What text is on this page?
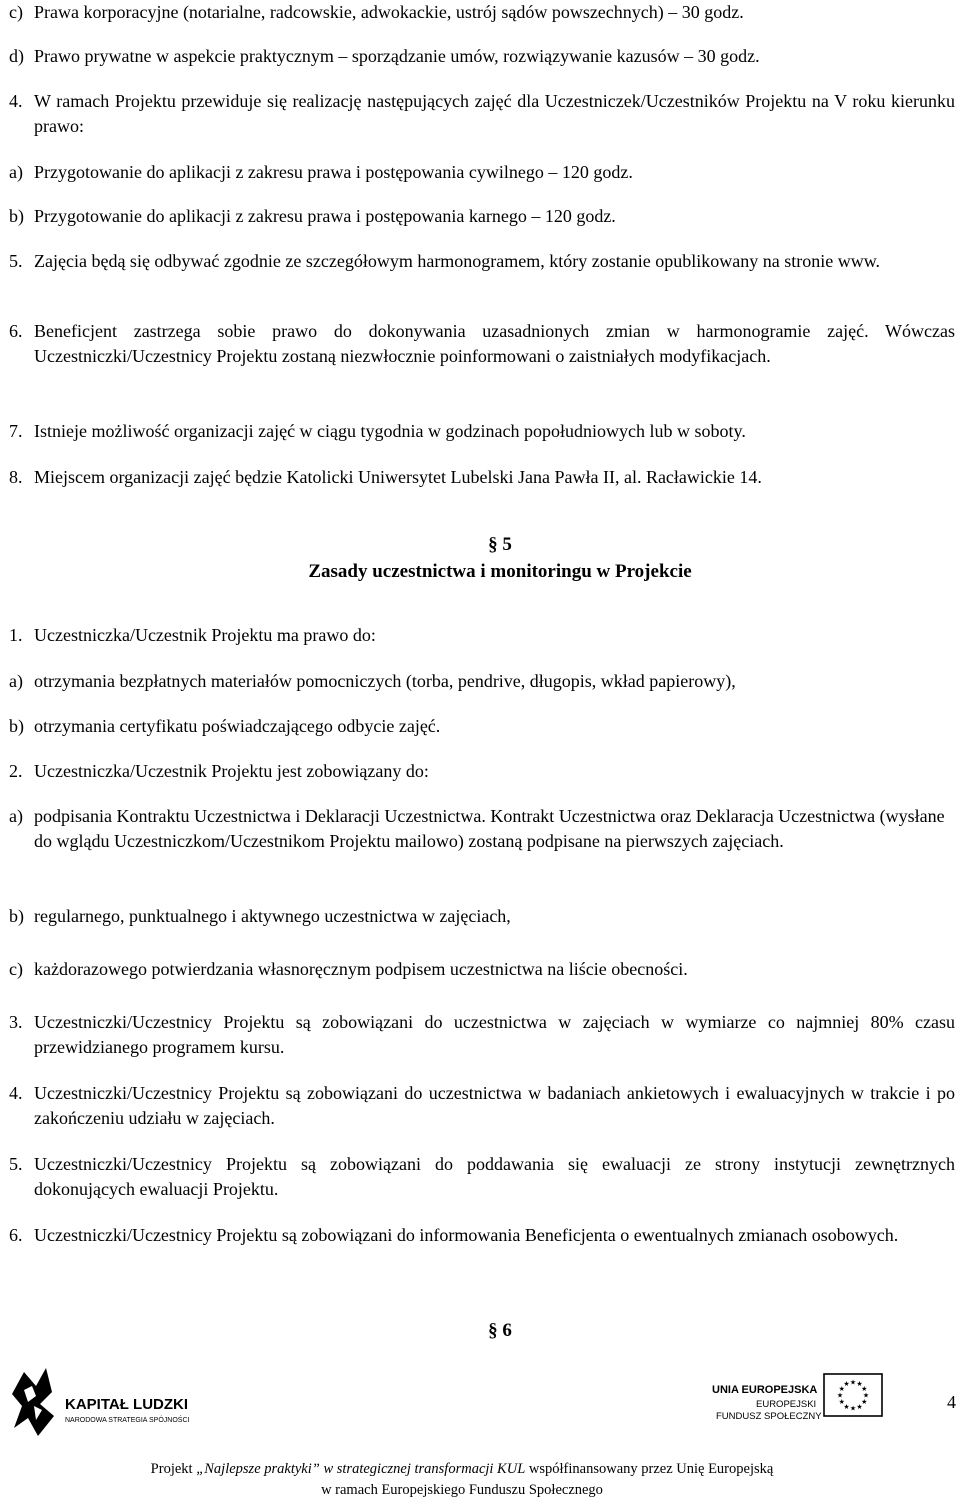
c) Prawa korporacyjne (notarialne, radcowskie, adwokackie, ustrój sądów powszechnych) – 30 godz.
d) Prawo prywatne w aspekcie praktycznym – sporządzanie umów, rozwiązywanie kazusów – 30 godz.
4. W ramach Projektu przewiduje się realizację następujących zajęć dla Uczestniczek/Uczestników Projektu na V roku kierunku prawo:
a) Przygotowanie do aplikacji z zakresu prawa i postępowania cywilnego – 120 godz.
b) Przygotowanie do aplikacji z zakresu prawa i postępowania karnego – 120 godz.
5. Zajęcia będą się odbywać zgodnie ze szczegółowym harmonogramem, który zostanie opublikowany na stronie www.
6. Beneficjent zastrzega sobie prawo do dokonywania uzasadnionych zmian w harmonogramie zajęć. Wówczas Uczestniczki/Uczestnicy Projektu zostaną niezwłocznie poinformowani o zaistniałych modyfikacjach.
7. Istnieje możliwość organizacji zajęć w ciągu tygodnia w godzinach popołudniowych lub w soboty.
8. Miejscem organizacji zajęć będzie Katolicki Uniwersytet Lubelski Jana Pawła II, al. Racławickie 14.
§ 5
Zasady uczestnictwa i monitoringu w Projekcie
1. Uczestniczka/Uczestnik Projektu ma prawo do:
a) otrzymania bezpłatnych materiałów pomocniczych (torba, pendrive, długopis, wkład papierowy),
b) otrzymania certyfikatu poświadczającego odbycie zajęć.
2. Uczestniczka/Uczestnik Projektu jest zobowiązany do:
a) podpisania Kontraktu Uczestnictwa i Deklaracji Uczestnictwa. Kontrakt Uczestnictwa oraz Deklaracja Uczestnictwa (wysłane do wglądu Uczestniczkom/Uczestnikom Projektu mailowo) zostaną podpisane na pierwszych zajęciach.
b) regularnego, punktualnego i aktywnego uczestnictwa w zajęciach,
c) każdorazowego potwierdzania własnoręcznym podpisem uczestnictwa na liście obecności.
3. Uczestniczki/Uczestnicy Projektu są zobowiązani do uczestnictwa w zajęciach w wymiarze co najmniej 80% czasu przewidzianego programem kursu.
4. Uczestniczki/Uczestnicy Projektu są zobowiązani do uczestnictwa w badaniach ankietowych i ewaluacyjnych w trakcie i po zakończeniu udziału w zajęciach.
5. Uczestniczki/Uczestnicy Projektu są zobowiązani do poddawania się ewaluacji ze strony instytucji zewnętrznych dokonujących ewaluacji Projektu.
6. Uczestniczki/Uczestnicy Projektu są zobowiązani do informowania Beneficjenta o ewentualnych zmianach osobowych.
§ 6
4
KAPITAŁ LUDZKI
NARODOWA STRATEGIA SPÓJNOŚCI
UNIA EUROPEJSKA
EUROPEJSKI
FUNDUSZ SPOŁECZNY
★
★
★
★
★
★
★
★
★ ★ ★
★
Projekt „Najlepsze praktyki” w strategicznej transformacji KUL współfinansowany przez Unię Europejską
w ramach Europejskiego Funduszu Społecznego
